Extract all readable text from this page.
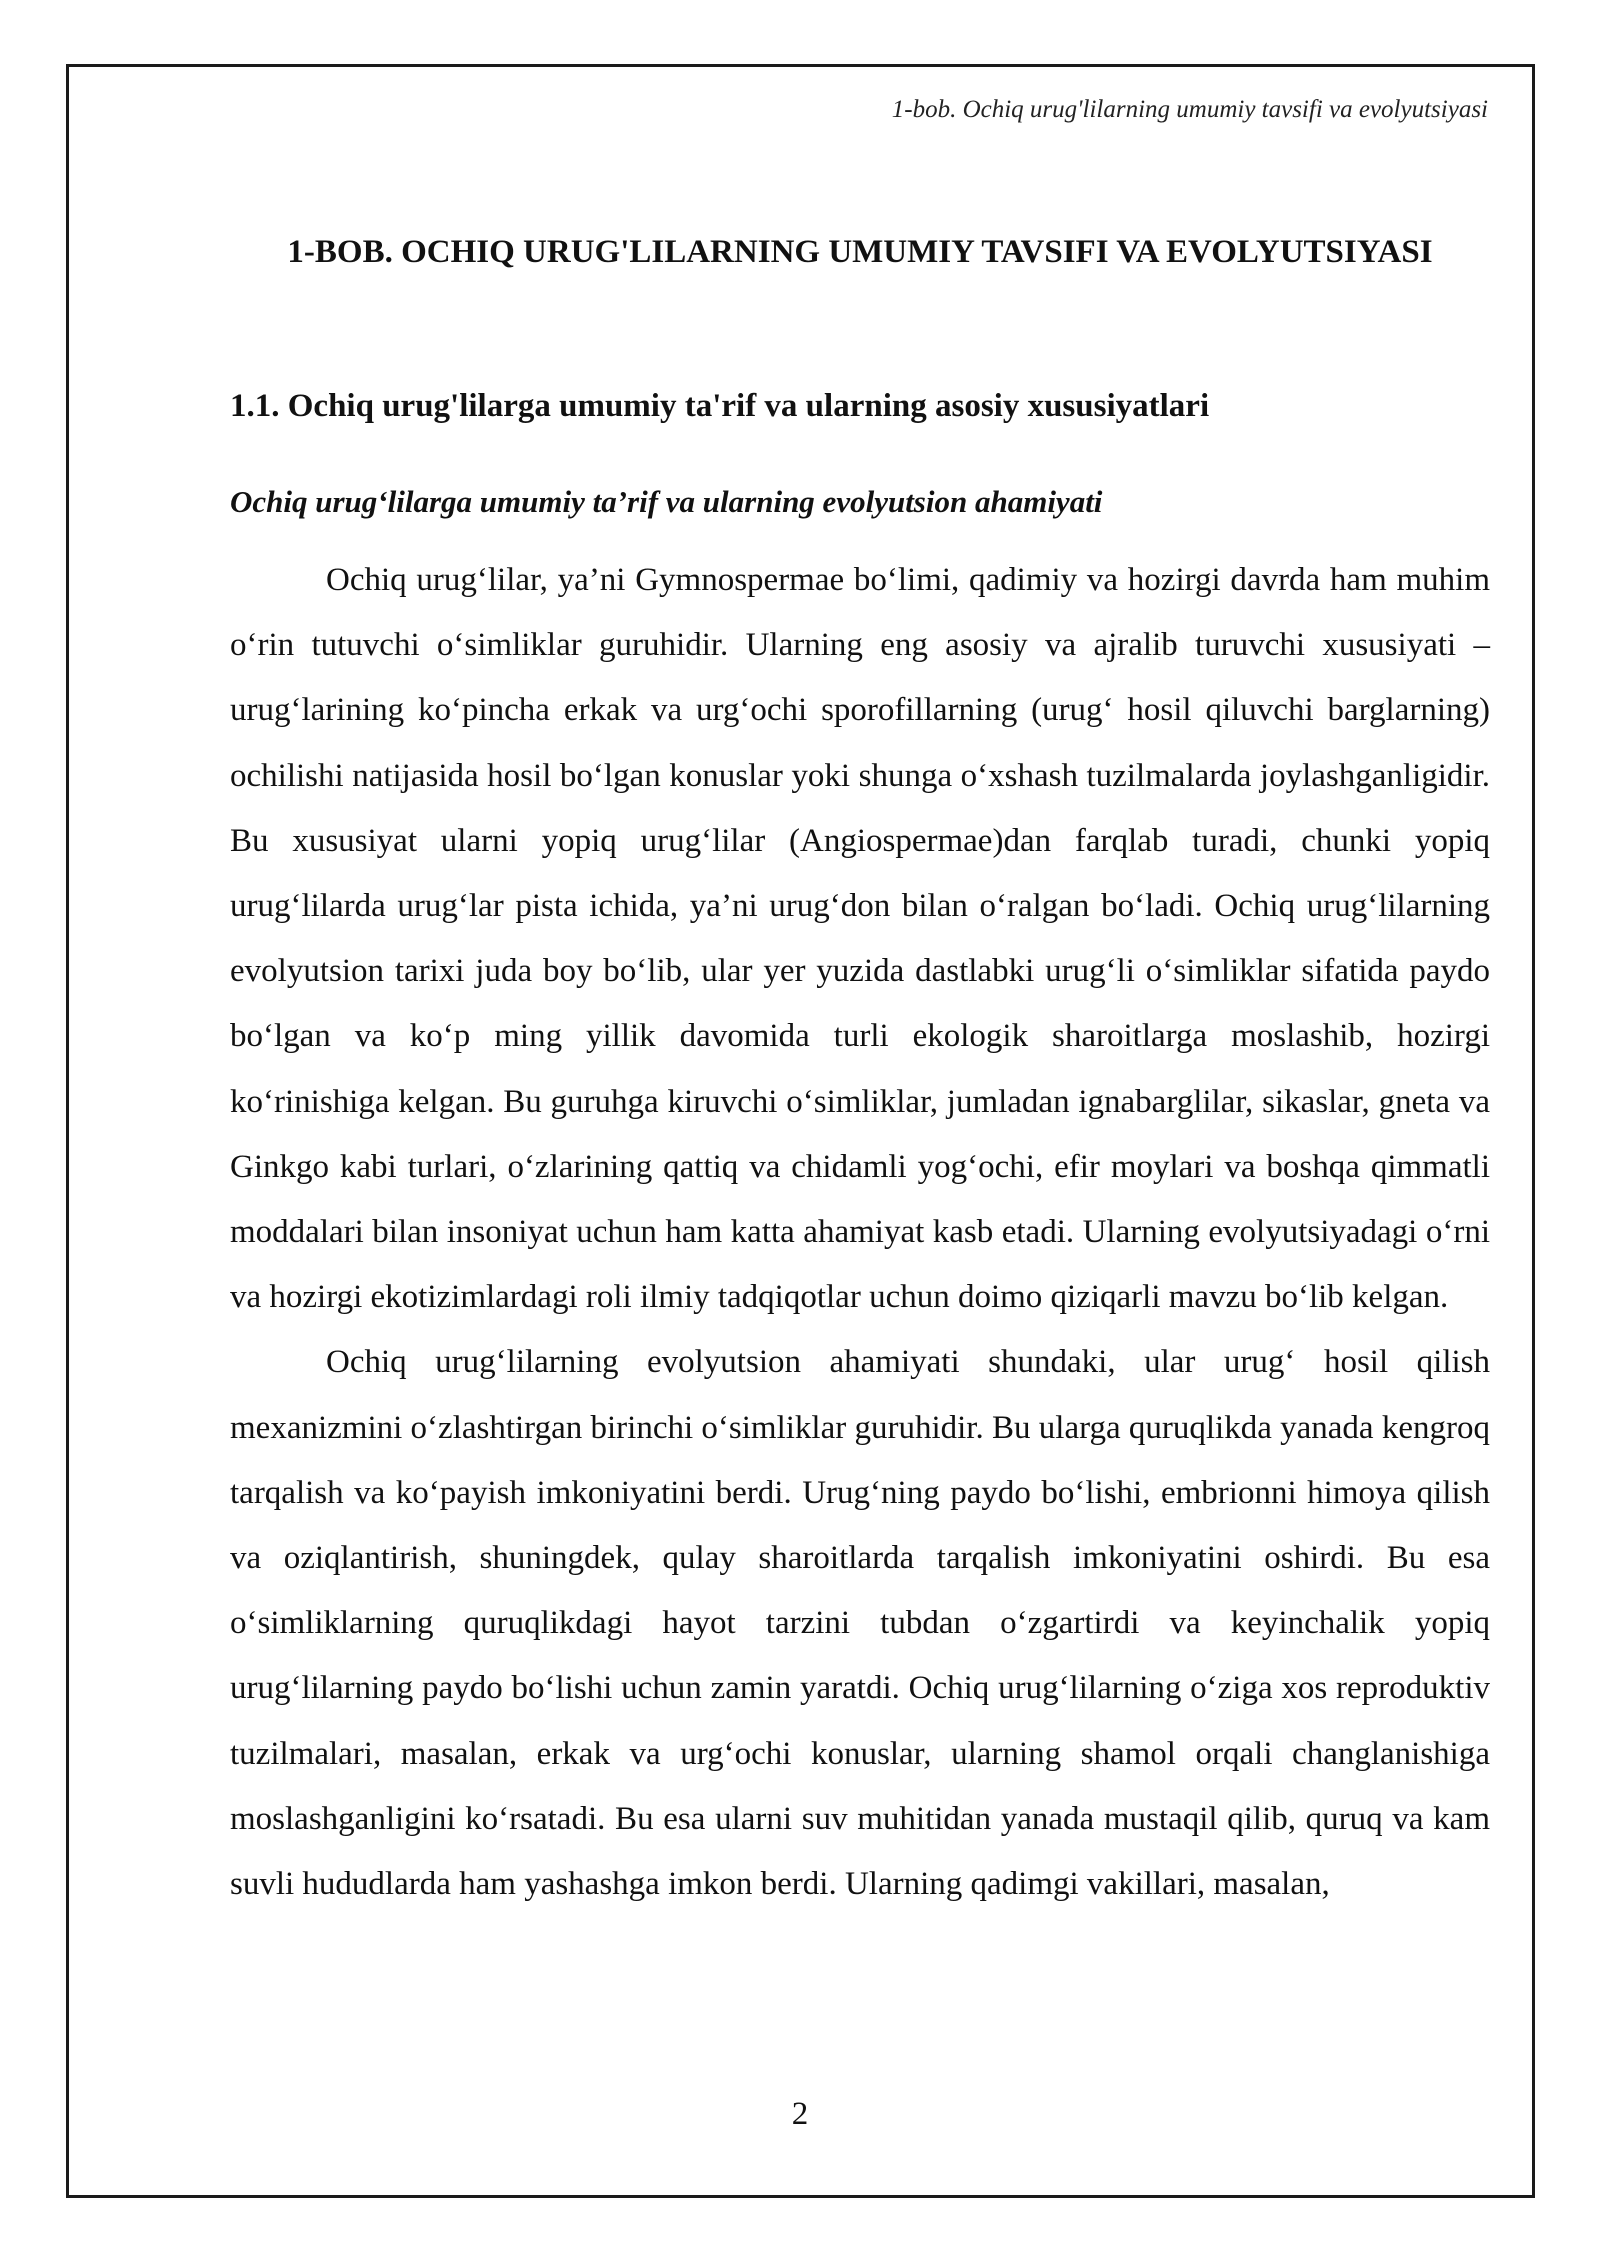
1-bob. Ochiq urug'lilarning umumiy tavsifi va evolyutsiyasi
1-BOB. OCHIQ URUG'LILARNING UMUMIY TAVSIFI VA EVOLYUTSIYASI
1.1. Ochiq urug'lilarga umumiy ta'rif va ularning asosiy xususiyatlari
Ochiq urug‘lilarga umumiy ta’rif va ularning evolyutsion ahamiyati

Ochiq urug‘lilar, ya’ni Gymnospermae bo‘limi, qadimiy va hozirgi davrda ham muhim o‘rin tutuvchi o‘simliklar guruhidir. Ularning eng asosiy va ajralib turuvchi xususiyati – urug‘larining ko‘pincha erkak va urg‘ochi sporofillarning (urug‘ hosil qiluvchi barglarning) ochilishi natijasida hosil bo‘lgan konuslar yoki shunga o‘xshash tuzilmalarda joylashganligidir. Bu xususiyat ularni yopiq urug‘lilar (Angiospermae)dan farqlab turadi, chunki yopiq urug‘lilarda urug‘lar pista ichida, ya’ni urug‘don bilan o‘ralgan bo‘ladi. Ochiq urug‘lilarning evolyutsion tarixi juda boy bo‘lib, ular yer yuzida dastlabki urug‘li o‘simliklar sifatida paydo bo‘lgan va ko‘p ming yillik davomida turli ekologik sharoitlarga moslashib, hozirgi ko‘rinishiga kelgan. Bu guruhga kiruvchi o‘simliklar, jumladan ignabarglilar, sikaslar, gneta va Ginkgo kabi turlari, o‘zlarining qattiq va chidamli yog‘ochi, efir moylari va boshqa qimmatli moddalari bilan insoniyat uchun ham katta ahamiyat kasb etadi. Ularning evolyutsiyadagi o‘rni va hozirgi ekotizimlardagi roli ilmiy tadqiqotlar uchun doimo qiziqarli mavzu bo‘lib kelgan.

Ochiq urug‘lilarning evolyutsion ahamiyati shundaki, ular urug‘ hosil qilish mexanizmini o‘zlashtirgan birinchi o‘simliklar guruhidir. Bu ularga quruqlikda yanada kengroq tarqalish va ko‘payish imkoniyatini berdi. Urug‘ning paydo bo‘lishi, embrionni himoya qilish va oziqlantirish, shuningdek, qulay sharoitlarda tarqalish imkoniyatini oshirdi. Bu esa o‘simliklarning quruqlikdagi hayot tarzini tubdan o‘zgartirdi va keyinchalik yopiq urug‘lilarning paydo bo‘lishi uchun zamin yaratdi. Ochiq urug‘lilarning o‘ziga xos reproduktiv tuzilmalari, masalan, erkak va urg‘ochi konuslar, ularning shamol orqali changlanishiga moslashganligini ko‘rsatadi. Bu esa ularni suv muhitidan yanada mustaqil qilib, quruq va kam suvli hududlarda ham yashashga imkon berdi. Ularning qadimgi vakillari, masalan,

2
